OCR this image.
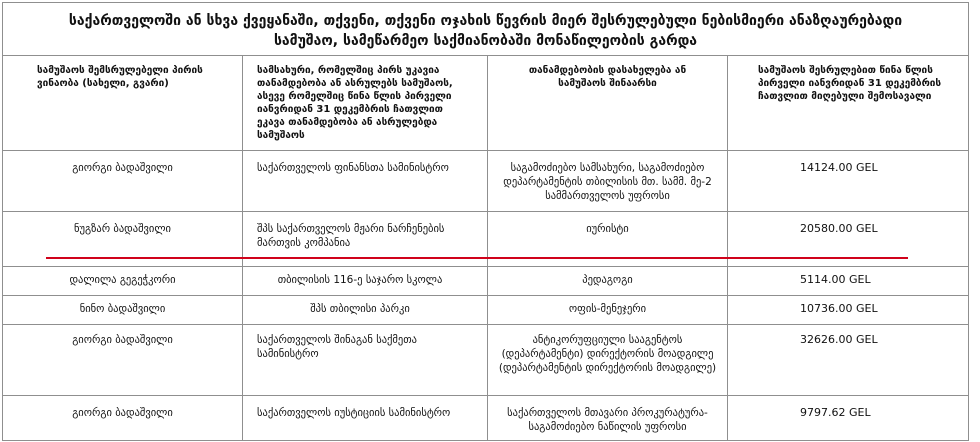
საქართველოში ან სხვა ქვეყანაში, თქვენი, თქვენი ოჯახის წევრის მიერ შესრულებული ნებისმიერი ანაზღაურებადი სამუშაო, სამეწარმეო საქმიანობაში მონაწილეობის გარდა			
სამუშაოს შემსრულებელი პირის ვინაობა (სახელი, გვარი)	სამსახური, რომელშიც პირს უკავია თანამდებობა ან ასრულებს სამუშაოს, ასევე რომელშიც წინა წლის პირველი იანვრიდან 31 დეკემბრის ჩათვლით ეკავა თანამდებობა ან ასრულებდა სამუშაოს	თანამდებობის დასახელება ან სამუშაოს შინაარსი	სამუშაოს შესრულებით წინა წლის პირველი იანვრიდან 31 დეკემბრის ჩათვლით მიღებული შემოსავალი
გიორგი ბადაშვილი	საქართველოს ფინანსთა სამინისტრო	საგამოძიებო სამსახური, საგამოძიებო დეპარტამენტის თბილისის მთ. სამმ. მე-2 სამმართველოს უფროსი	14124.00 GEL
ნუგზარ ბადაშვილი	შპს საქართველოს მჟარი ნარჩენების მართვის კომპანია	იურისტი	20580.00 GEL
დალილა გეგეჭკორი	თბილისის 116-ე საჯარო სკოლა	პედაგოგი	5114.00 GEL
ნინო ბადაშვილი	შპს თბილისი პარკი	ოფის-მენეჯერი	10736.00 GEL
გიორგი ბადაშვილი	საქართველოს შინაგან საქმეთა სამინისტრო	ანტიკორუფციული სააგენტოს (დეპარტამენტი) დირექტორის მოადგილე (დეპარტამენტის დირექტორის მოადგილე)	32626.00 GEL
გიორგი ბადაშვილი	საქართველოს იუსტიციის სამინისტრო	საქართველოს მთავარი პროკურატურა-საგამოძიებო ნაწილის უფროსი	9797.62 GEL
